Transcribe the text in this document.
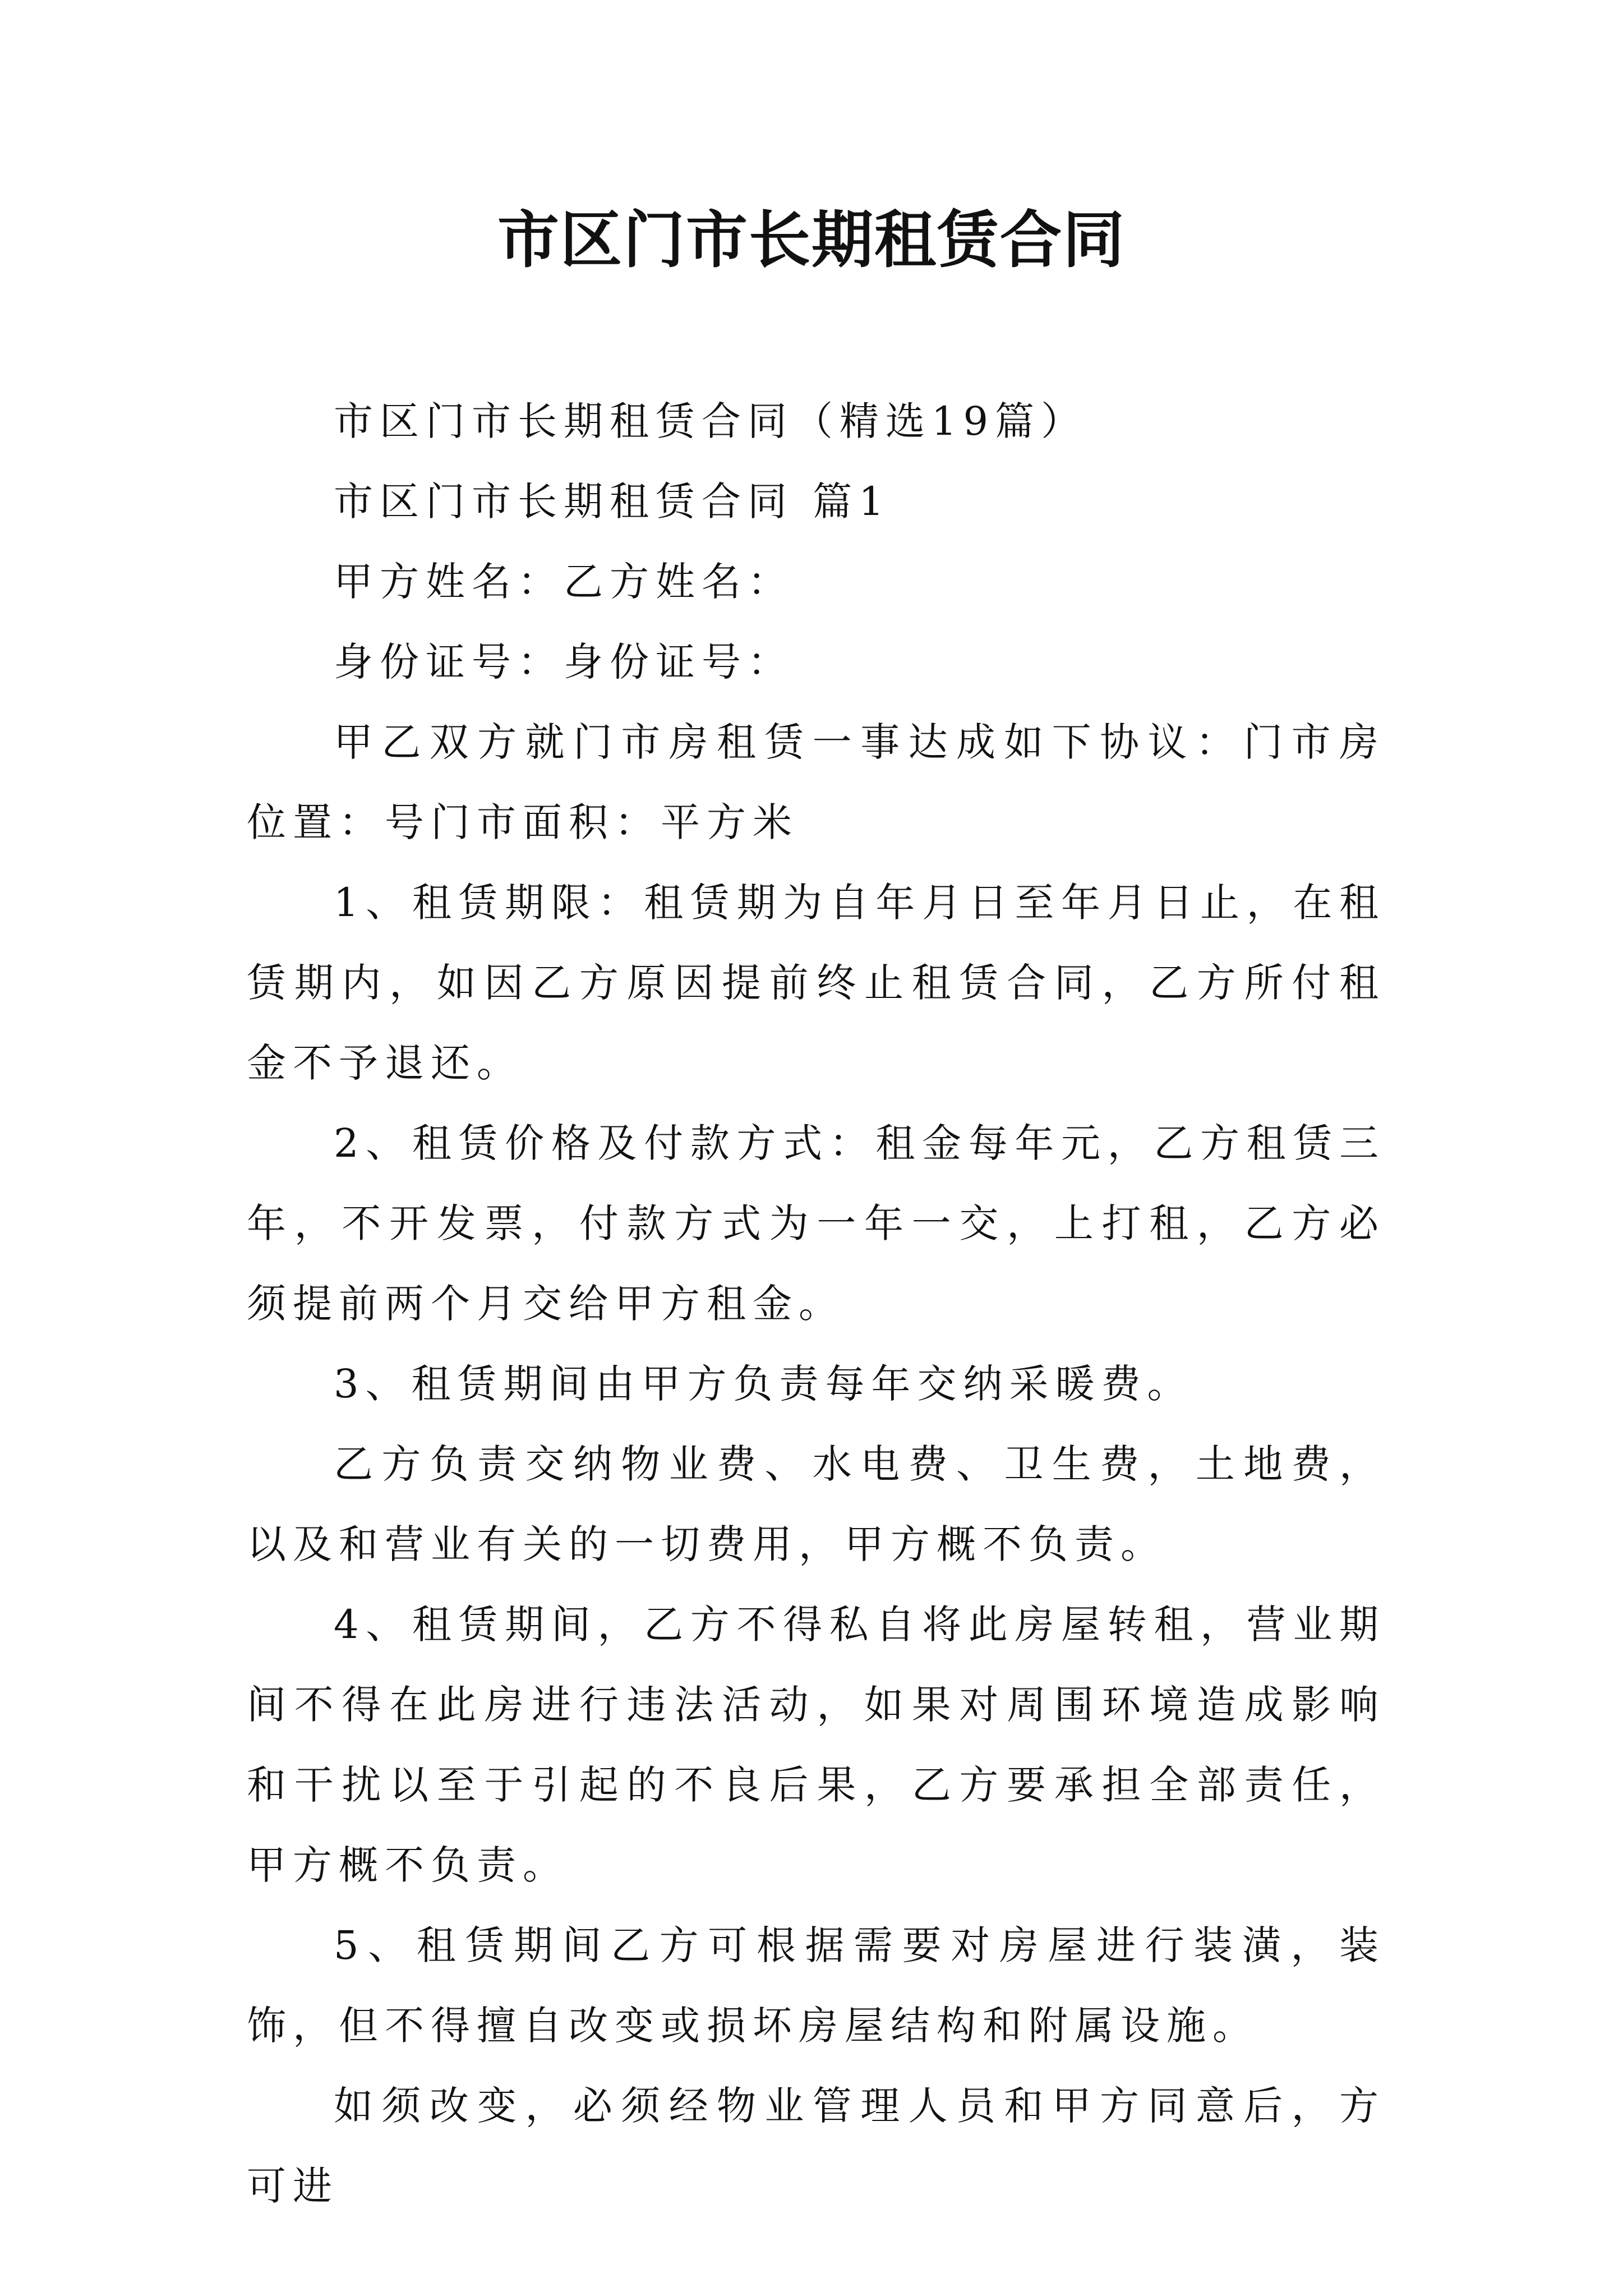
市区门市长期租赁合同

市区门市长期租赁合同（精选19篇）

市区门市长期租赁合同 篇1

甲方姓名：乙方姓名：

身份证号：身份证号：

甲乙双方就门市房租赁一事达成如下协议：门市房位置：号门市面积：平方米

1、租赁期限：租赁期为自年月日至年月日止，在租赁期内，如因乙方原因提前终止租赁合同，乙方所付租金不予退还。

2、租赁价格及付款方式：租金每年元，乙方租赁三年，不开发票，付款方式为一年一交，上打租，乙方必须提前两个月交给甲方租金。

3、租赁期间由甲方负责每年交纳采暖费。

乙方负责交纳物业费、水电费、卫生费，土地费，以及和营业有关的一切费用，甲方概不负责。

4、租赁期间，乙方不得私自将此房屋转租，营业期间不得在此房进行违法活动，如果对周围环境造成影响和干扰以至于引起的不良后果，乙方要承担全部责任，甲方概不负责。

5、租赁期间乙方可根据需要对房屋进行装潢，装饰，但不得擅自改变或损坏房屋结构和附属设施。

如须改变，必须经物业管理人员和甲方同意后，方可进
